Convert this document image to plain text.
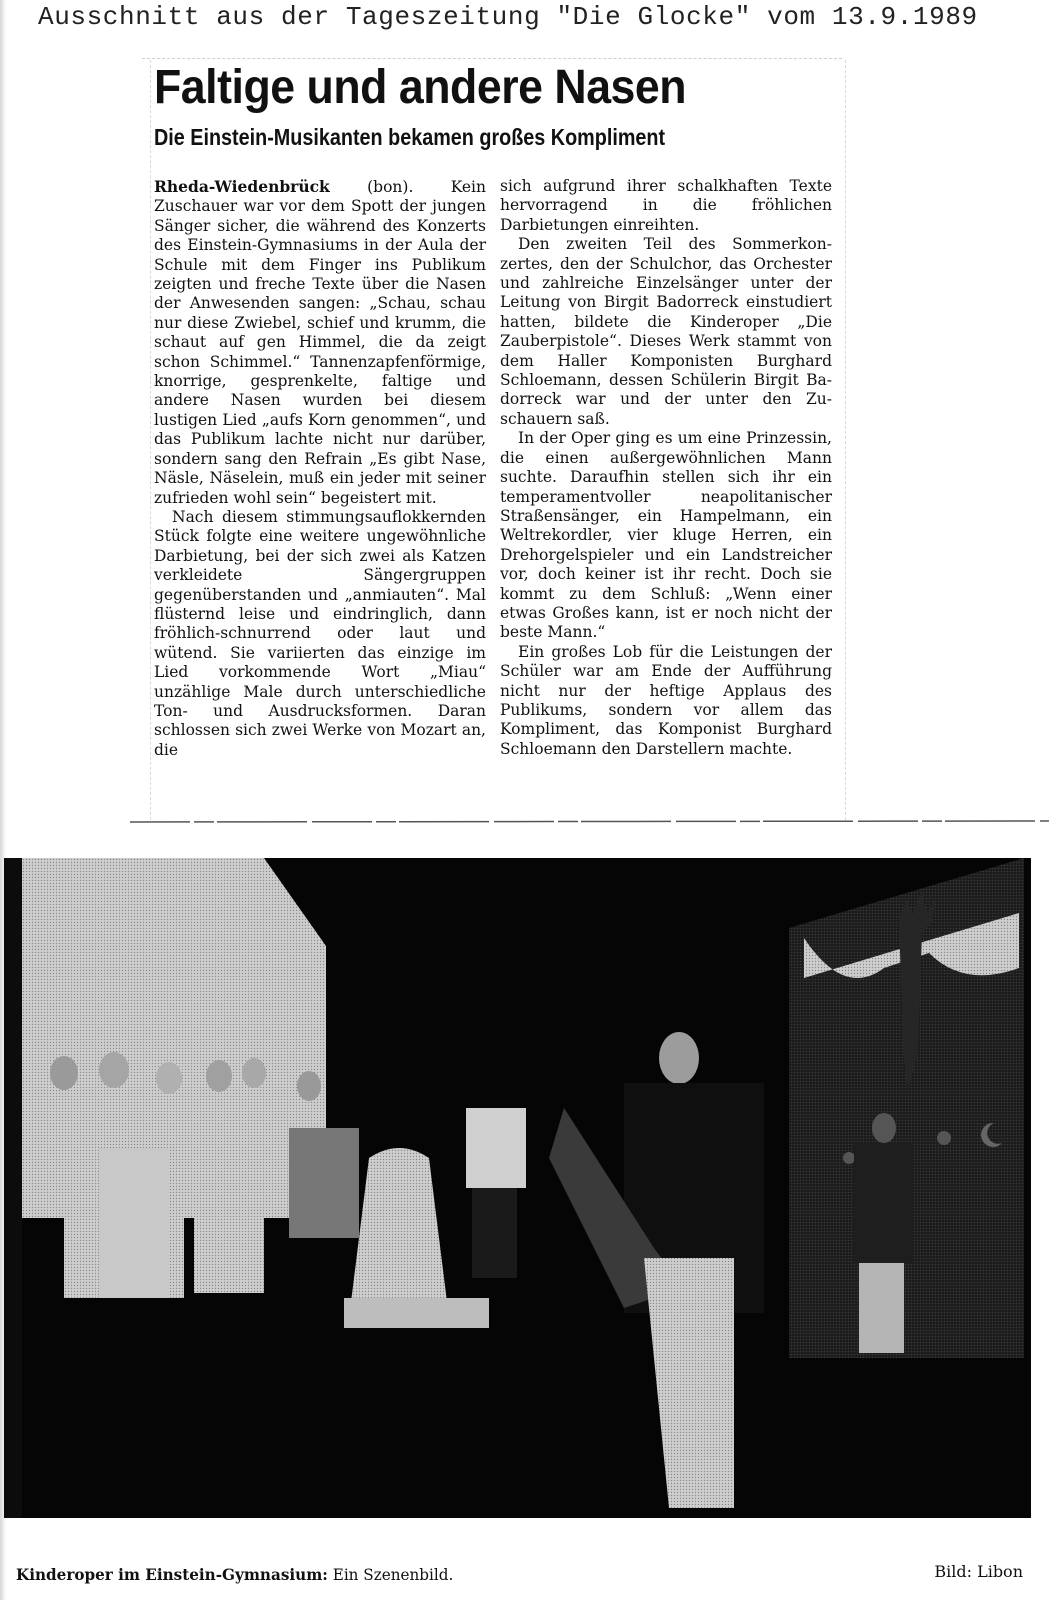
Ausschnitt aus der Tageszeitung "Die Glocke" vom 13.9.1989
Faltige und andere Nasen
Die Einstein-Musikanten bekamen großes Kompliment

Rheda-Wiedenbrück (bon). Kein Zuschauer war vor dem Spott der jungen Sänger sicher, die während des Konzerts des Einstein-Gymnasiums in der Aula der Schule mit dem Finger ins Publikum zeigten und freche Texte über die Nasen der Anwesenden sangen: „Schau, schau nur diese Zwiebel, schief und krumm, die schaut auf gen Himmel, die da zeigt schon Schimmel.“ Tannenzapfenförmige, knorrige, gesprenkelte, faltige und andere Nasen wurden bei diesem lustigen Lied „aufs Korn genommen“, und das Publikum lachte nicht nur darüber, sondern sang den Refrain „Es gibt Nase, Näsle, Näselein, muß ein jeder mit seiner zufrieden wohl sein“ begeistert mit.

Nach diesem stimmungsauflokkernden Stück folgte eine weitere ungewöhnliche Darbietung, bei der sich zwei als Katzen verkleidete Sängergruppen gegenüberstanden und „anmiauten“. Mal flüsternd leise und eindringlich, dann fröhlich-schnurrend oder laut und wütend. Sie variierten das einzige im Lied vorkommende Wort „Miau“ unzählige Male durch unterschiedliche Ton- und Ausdrucksformen. Daran schlossen sich zwei Werke von Mozart an, die

sich aufgrund ihrer schalkhaften Texte hervorragend in die fröhlichen Darbietungen einreihten.

Den zweiten Teil des Sommerkonzertes, den der Schulchor, das Orchester und zahlreiche Einzelsänger unter der Leitung von Birgit Badorreck einstudiert hatten, bildete die Kinderoper „Die Zauberpistole“. Dieses Werk stammt von dem Haller Komponisten Burghard Schloemann, dessen Schülerin Birgit Badorreck war und der unter den Zuschauern saß.

In der Oper ging es um eine Prinzessin, die einen außergewöhnlichen Mann suchte. Daraufhin stellen sich ihr ein temperamentvoller neapolitanischer Straßensänger, ein Hampelmann, ein Weltrekordler, vier kluge Herren, ein Drehorgelspieler und ein Landstreicher vor, doch keiner ist ihr recht. Doch sie kommt zu dem Schluß: „Wenn einer etwas Großes kann, ist er noch nicht der beste Mann.“

Ein großes Lob für die Leistungen der Schüler war am Ende der Aufführung nicht nur der heftige Applaus des Publikums, sondern vor allem das Kompliment, das Komponist Burghard Schloemann den Darstellern machte.

Kinderoper im Einstein-Gymnasium: Ein Szenenbild.	Bild: Libon
